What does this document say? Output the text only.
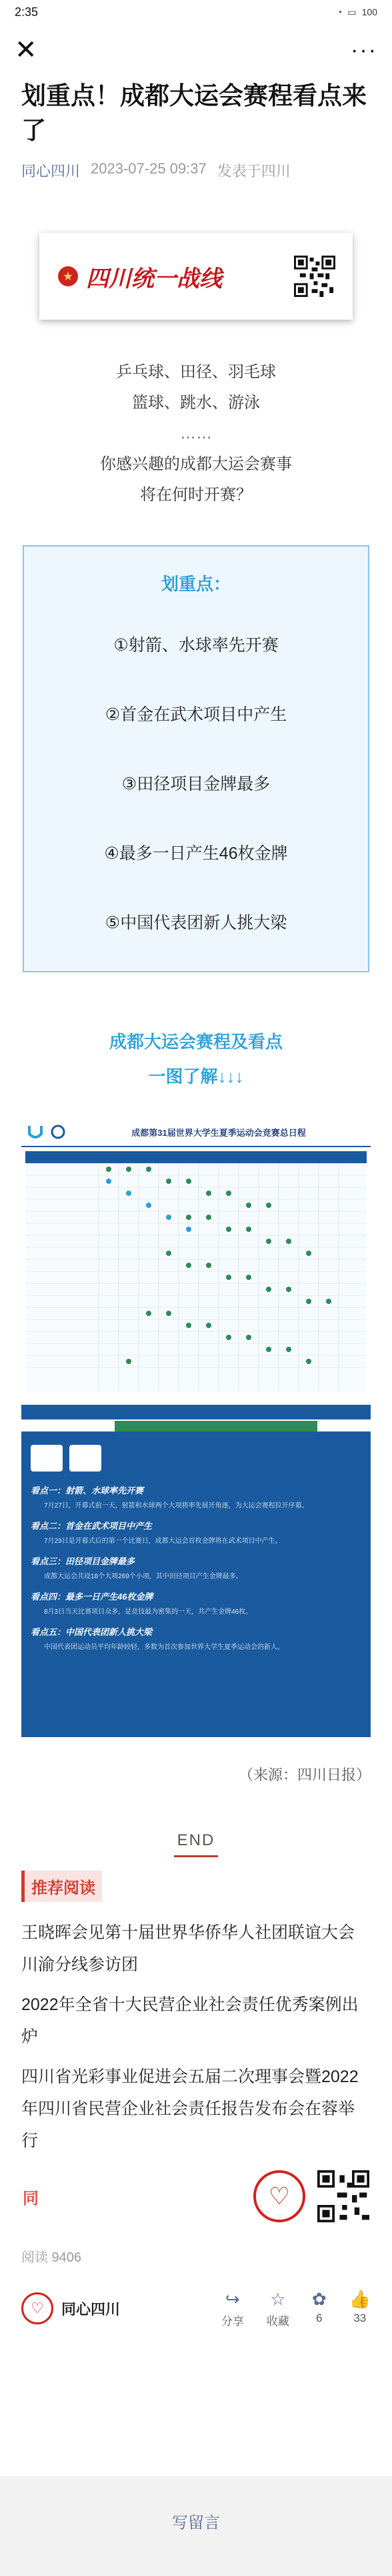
2:35	◔ ▭ 100
✕	···
划重点！成都大运会赛程看点来了
同心四川 2023-07-25 09:37 发表于四川
★ 四川统一战线
乒乓球、田径、羽毛球
篮球、跳水、游泳
……
你感兴趣的成都大运会赛事
将在何时开赛？
划重点：
①射箭、水球率先开赛
②首金在武术项目中产生
③田径项目金牌最多
④最多一日产生46枚金牌
⑤中国代表团新人挑大梁
成都大运会赛程及看点
一图了解↓↓↓
成都第31届世界大学生夏季运动会竞赛总日程
看点一：射箭、水球率先开赛
7月27日，开幕式前一天，射箭和水球两个大项将率先展开角逐，为大运会赛程拉开序幕。
看点二：首金在武术项目中产生
7月29日是开幕式后的第一个比赛日，成都大运会首枚金牌将在武术项目中产生。
看点三：田径项目金牌最多
成都大运会共设18个大项269个小项，其中田径项目产生金牌最多。
看点四：最多一日产生46枚金牌
8月3日当天比赛项目众多，是竞技最为密集的一天，共产生金牌46枚。
看点五：中国代表团新人挑大梁
中国代表团运动员平均年龄较轻，多数为首次参加世界大学生夏季运动会的新人。
（来源：四川日报）
END
推荐阅读
王晓晖会见第十届世界华侨华人社团联谊大会川渝分线参访团
2022年全省十大民营企业社会责任优秀案例出炉
四川省光彩事业促进会五届二次理事会暨2022年四川省民营企业社会责任报告发布会在蓉举行
同	♡
阅读 9406
♡	同心四川
↪
分享
☆
收藏
✿
6
👍
33
写留言
